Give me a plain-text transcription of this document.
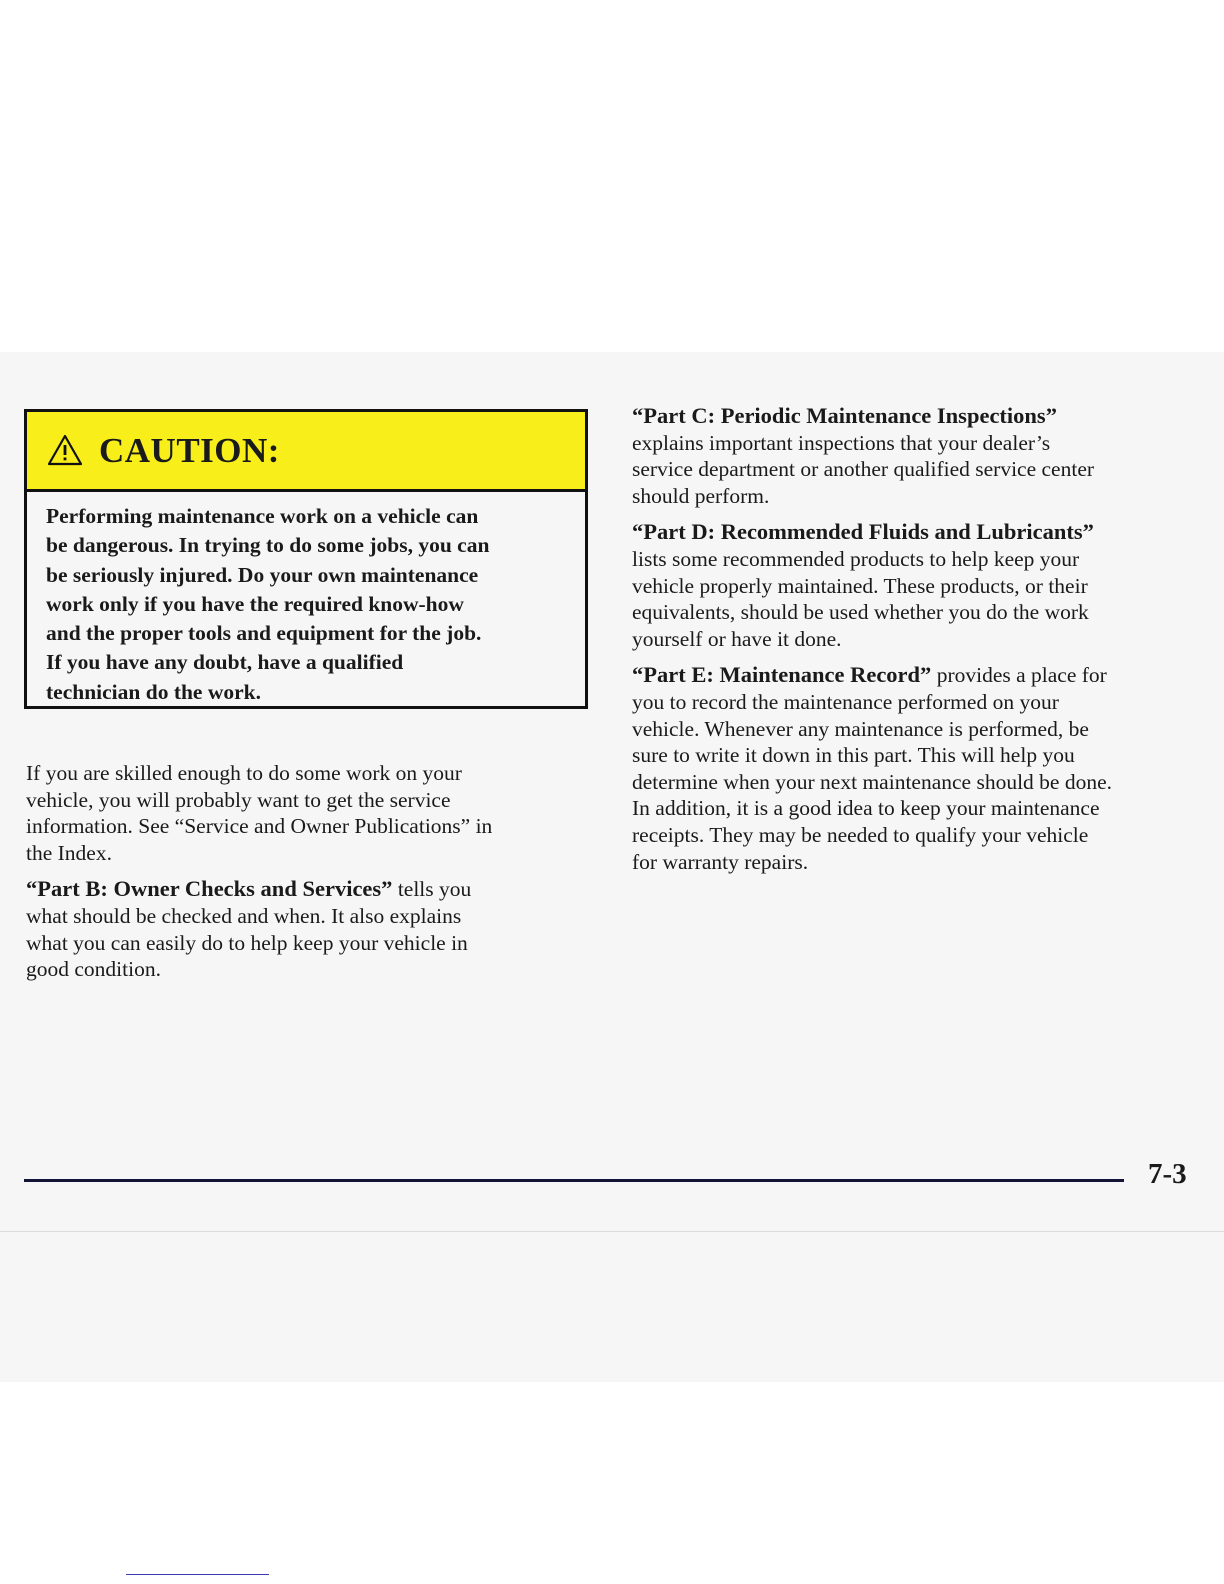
CAUTION:
Performing maintenance work on a vehicle can
be dangerous. In trying to do some jobs, you can
be seriously injured. Do your own maintenance
work only if you have the required know-how
and the proper tools and equipment for the job.
If you have any doubt, have a qualified
technician do the work.

If you are skilled enough to do some work on your
vehicle, you will probably want to get the service
information. See “Service and Owner Publications” in
the Index.

“Part B: Owner Checks and Services” tells you
what should be checked and when. It also explains
what you can easily do to help keep your vehicle in
good condition.

“Part C: Periodic Maintenance Inspections”
explains important inspections that your dealer’s
service department or another qualified service center
should perform.

“Part D: Recommended Fluids and Lubricants”
lists some recommended products to help keep your
vehicle properly maintained. These products, or their
equivalents, should be used whether you do the work
yourself or have it done.

“Part E: Maintenance Record” provides a place for
you to record the maintenance performed on your
vehicle. Whenever any maintenance is performed, be
sure to write it down in this part. This will help you
determine when your next maintenance should be done.
In addition, it is a good idea to keep your maintenance
receipts. They may be needed to qualify your vehicle
for warranty repairs.

7-3
